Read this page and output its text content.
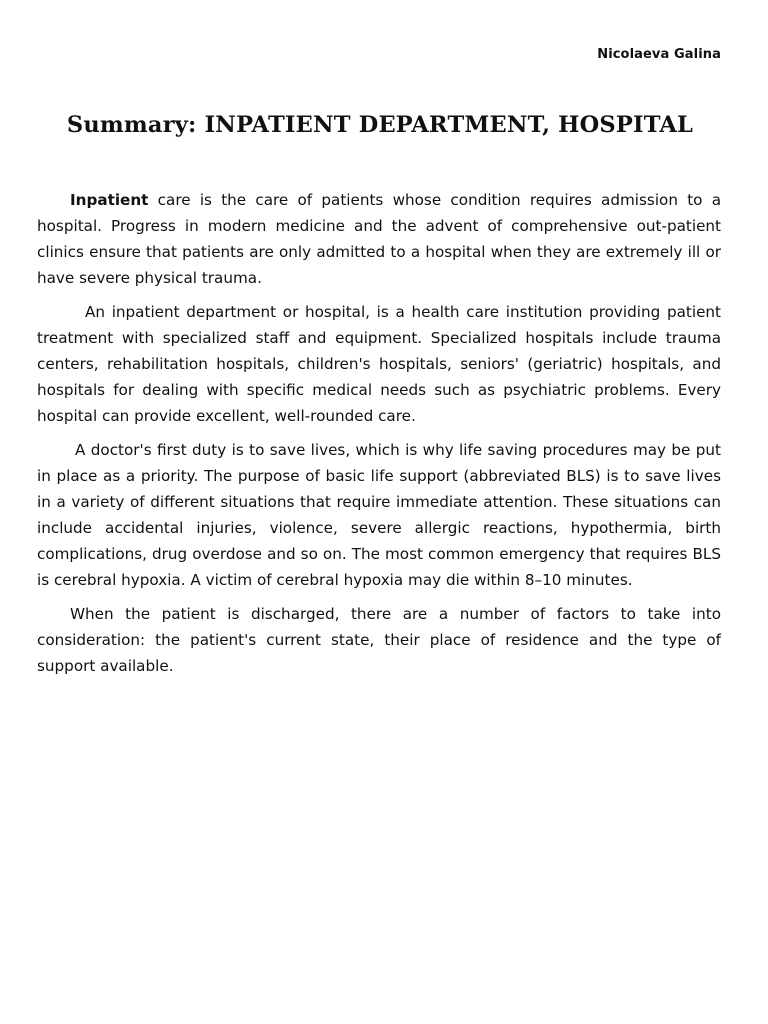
Nicolaeva Galina
Summary: INPATIENT DEPARTMENT, HOSPITAL

Inpatient care is the care of patients whose condition requires admission to a hospital. Progress in modern medicine and the advent of comprehensive out-patient clinics ensure that patients are only admitted to a hospital when they are extremely ill or have severe physical trauma.

An inpatient department or hospital, is a health care institution providing patient treatment with specialized staff and equipment. Specialized hospitals include trauma centers, rehabilitation hospitals, children's hospitals, seniors' (geriatric) hospitals, and hospitals for dealing with specific medical needs such as psychiatric problems. Every hospital can provide excellent, well-rounded care.

A doctor's first duty is to save lives, which is why life saving procedures may be put in place as a priority. The purpose of basic life support (abbreviated BLS) is to save lives in a variety of different situations that require immediate attention. These situations can include accidental injuries, violence, severe allergic reactions, hypothermia, birth complications, drug overdose and so on. The most common emergency that requires BLS is cerebral hypoxia. A victim of cerebral hypoxia may die within 8–10 minutes.

When the patient is discharged, there are a number of factors to take into consideration: the patient's current state, their place of residence and the type of support available.
